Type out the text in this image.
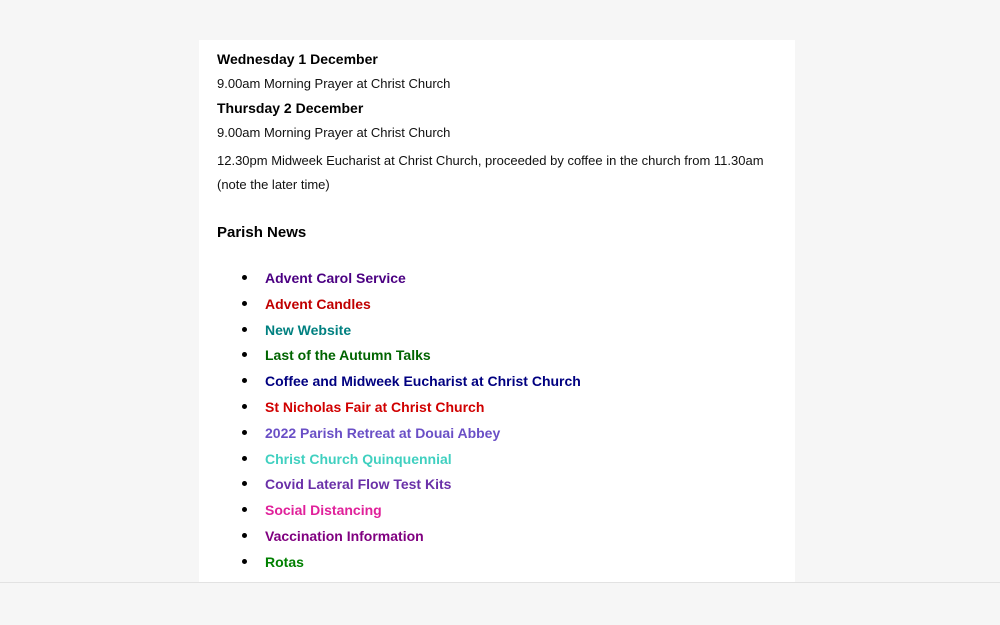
Wednesday 1 December
9.00am Morning Prayer at Christ Church
Thursday 2 December
9.00am Morning Prayer at Christ Church
12.30pm Midweek Eucharist at Christ Church, proceeded by coffee in the church from 11.30am
(note the later time)
Parish News
Advent Carol Service
Advent Candles
New Website
Last of the Autumn Talks
Coffee and Midweek Eucharist at Christ Church
St Nicholas Fair at Christ Church
2022 Parish Retreat at Douai Abbey
Christ Church Quinquennial
Covid Lateral Flow Test Kits
Social Distancing
Vaccination Information
Rotas
